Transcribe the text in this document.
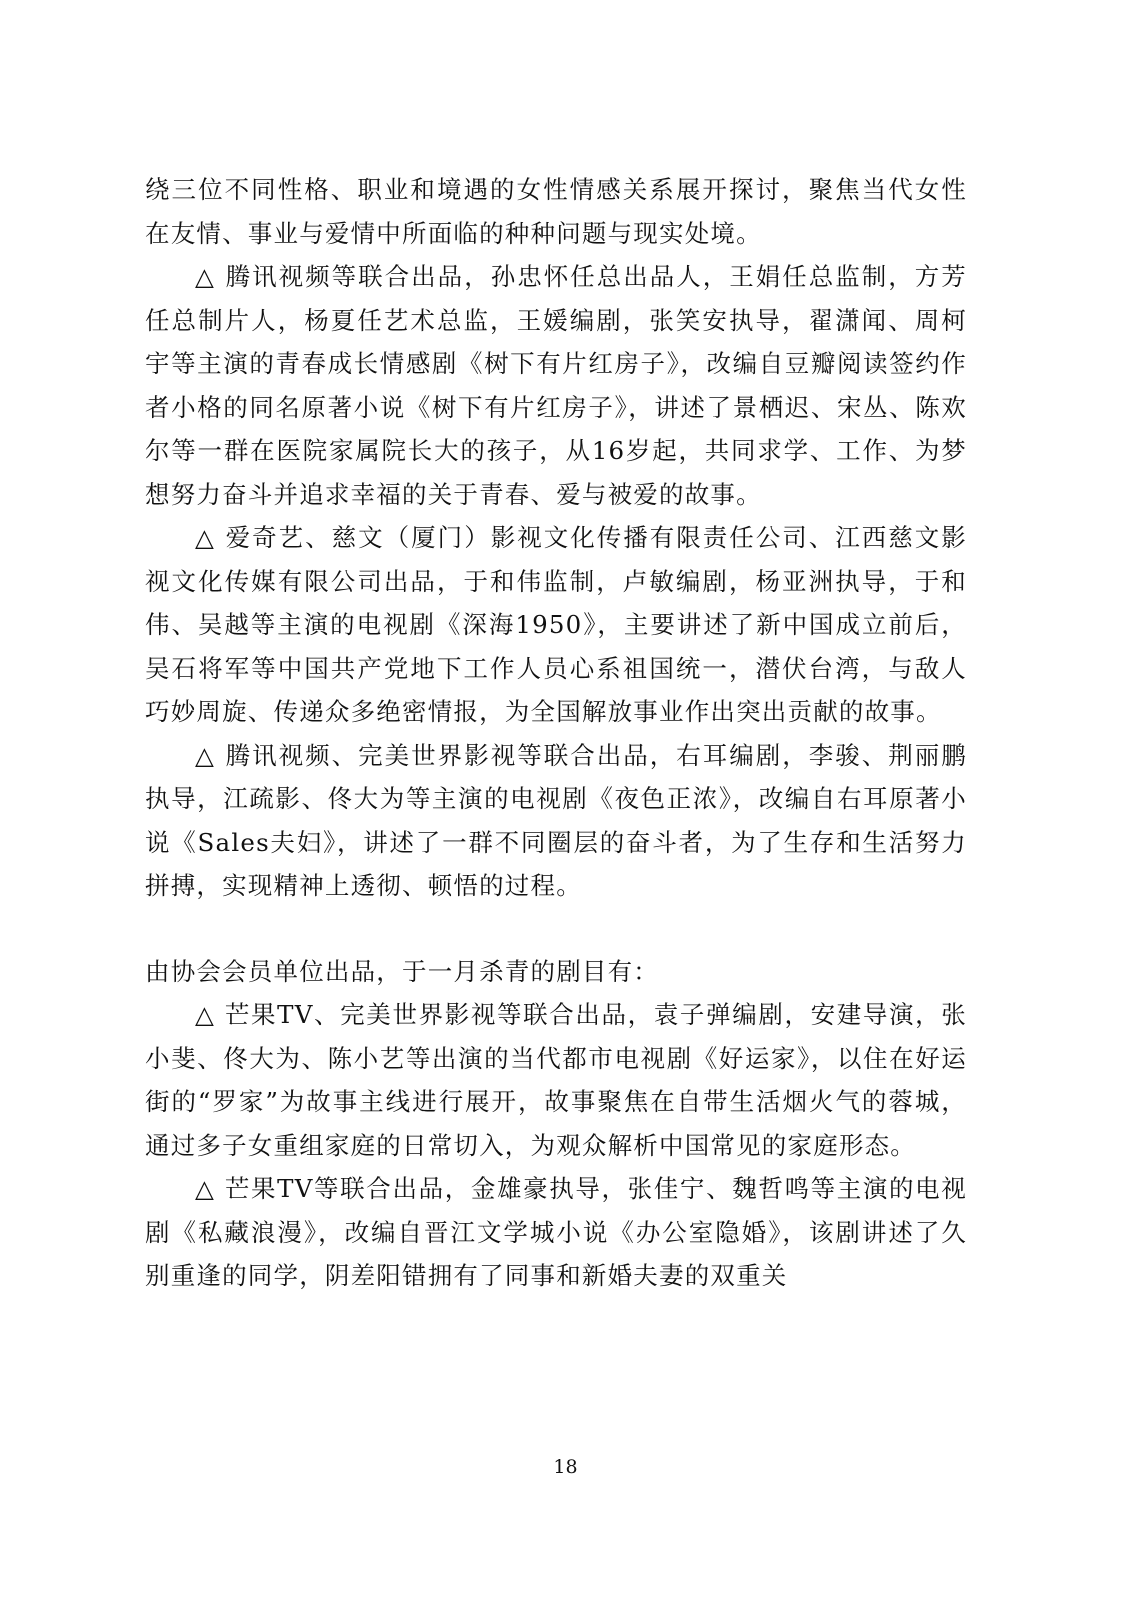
绕三位不同性格、职业和境遇的女性情感关系展开探讨，聚焦当代女性在友情、事业与爱情中所面临的种种问题与现实处境。

△ 腾讯视频等联合出品，孙忠怀任总出品人，王娟任总监制，方芳任总制片人，杨夏任艺术总监，王媛编剧，张笑安执导，翟潇闻、周柯宇等主演的青春成长情感剧《树下有片红房子》，改编自豆瓣阅读签约作者小格的同名原著小说《树下有片红房子》，讲述了景栖迟、宋丛、陈欢尔等一群在医院家属院长大的孩子，从16岁起，共同求学、工作、为梦想努力奋斗并追求幸福的关于青春、爱与被爱的故事。

△ 爱奇艺、慈文（厦门）影视文化传播有限责任公司、江西慈文影视文化传媒有限公司出品，于和伟监制，卢敏编剧，杨亚洲执导，于和伟、吴越等主演的电视剧《深海1950》，主要讲述了新中国成立前后，吴石将军等中国共产党地下工作人员心系祖国统一，潜伏台湾，与敌人巧妙周旋、传递众多绝密情报，为全国解放事业作出突出贡献的故事。

△ 腾讯视频、完美世界影视等联合出品，右耳编剧，李骏、荆丽鹏执导，江疏影、佟大为等主演的电视剧《夜色正浓》，改编自右耳原著小说《Sales夫妇》，讲述了一群不同圈层的奋斗者，为了生存和生活努力拼搏，实现精神上透彻、顿悟的过程。

由协会会员单位出品，于一月杀青的剧目有：

△ 芒果TV、完美世界影视等联合出品，袁子弹编剧，安建导演，张小斐、佟大为、陈小艺等出演的当代都市电视剧《好运家》，以住在好运街的“罗家”为故事主线进行展开，故事聚焦在自带生活烟火气的蓉城，通过多子女重组家庭的日常切入，为观众解析中国常见的家庭形态。

△ 芒果TV等联合出品，金雄豪执导，张佳宁、魏哲鸣等主演的电视剧《私藏浪漫》，改编自晋江文学城小说《办公室隐婚》，该剧讲述了久别重逢的同学，阴差阳错拥有了同事和新婚夫妻的双重关

18
